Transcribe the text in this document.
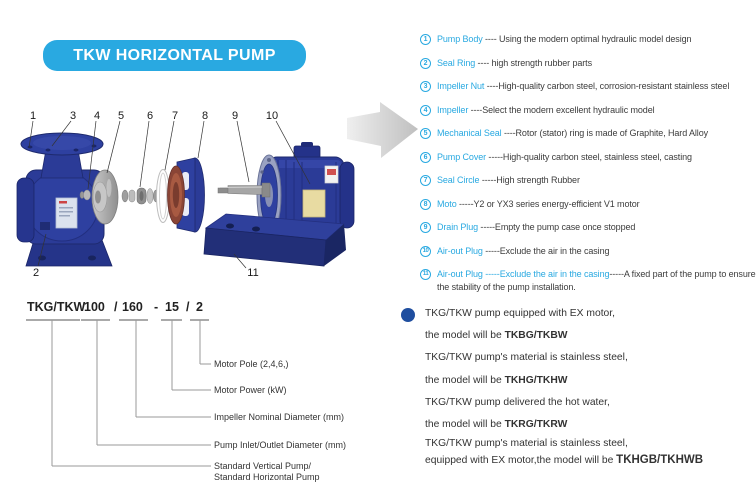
TKW HORIZONTAL PUMP
1
2
3 4 5 6 7 8 9	10
11
1	Pump Body ---- Using the modern optimal hydraulic model design
2	Seal Ring ---- high strength rubber parts
3	Impeller Nut ----High-quality carbon steel, corrosion-resistant stainless steel
4	Impeller ----Select the modern excellent hydraulic model
5	Mechanical Seal ----Rotor (stator) ring is made of Graphite, Hard Alloy
6	Pump Cover -----High-quality carbon steel, stainless steel, casting
7	Seal Circle -----High strength Rubber
8	Moto -----Y2 or YX3 series energy-efficient V1 motor
9	Drain Plug -----Empty the pump case once stopped
10 Air-out Plug -----Exclude the air in the casing
11 Air-out Plug -----Exclude the air in the casing-----A fixed part of the pump to ensure the stability of the pump installation.
/	- /
TKG/TKW
Standard Vertical Pump/
Standard Horizontal Pump
100
Pump Inlet/Outlet Diameter (mm)
160
Impeller Nominal Diameter (mm)
15
Motor Power (kW)
2
Motor Pole (2,4,6,)

TKG/TKW pump equipped with EX motor,

the model will be TKBG/TKBW

TKG/TKW pump's material is stainless steel,

the model will be TKHG/TKHW

TKG/TKW pump delivered the hot water,

the model will be TKRG/TKRW

TKG/TKW pump's material is stainless steel,

equipped with EX motor,the model will be TKHGB/TKHWB
